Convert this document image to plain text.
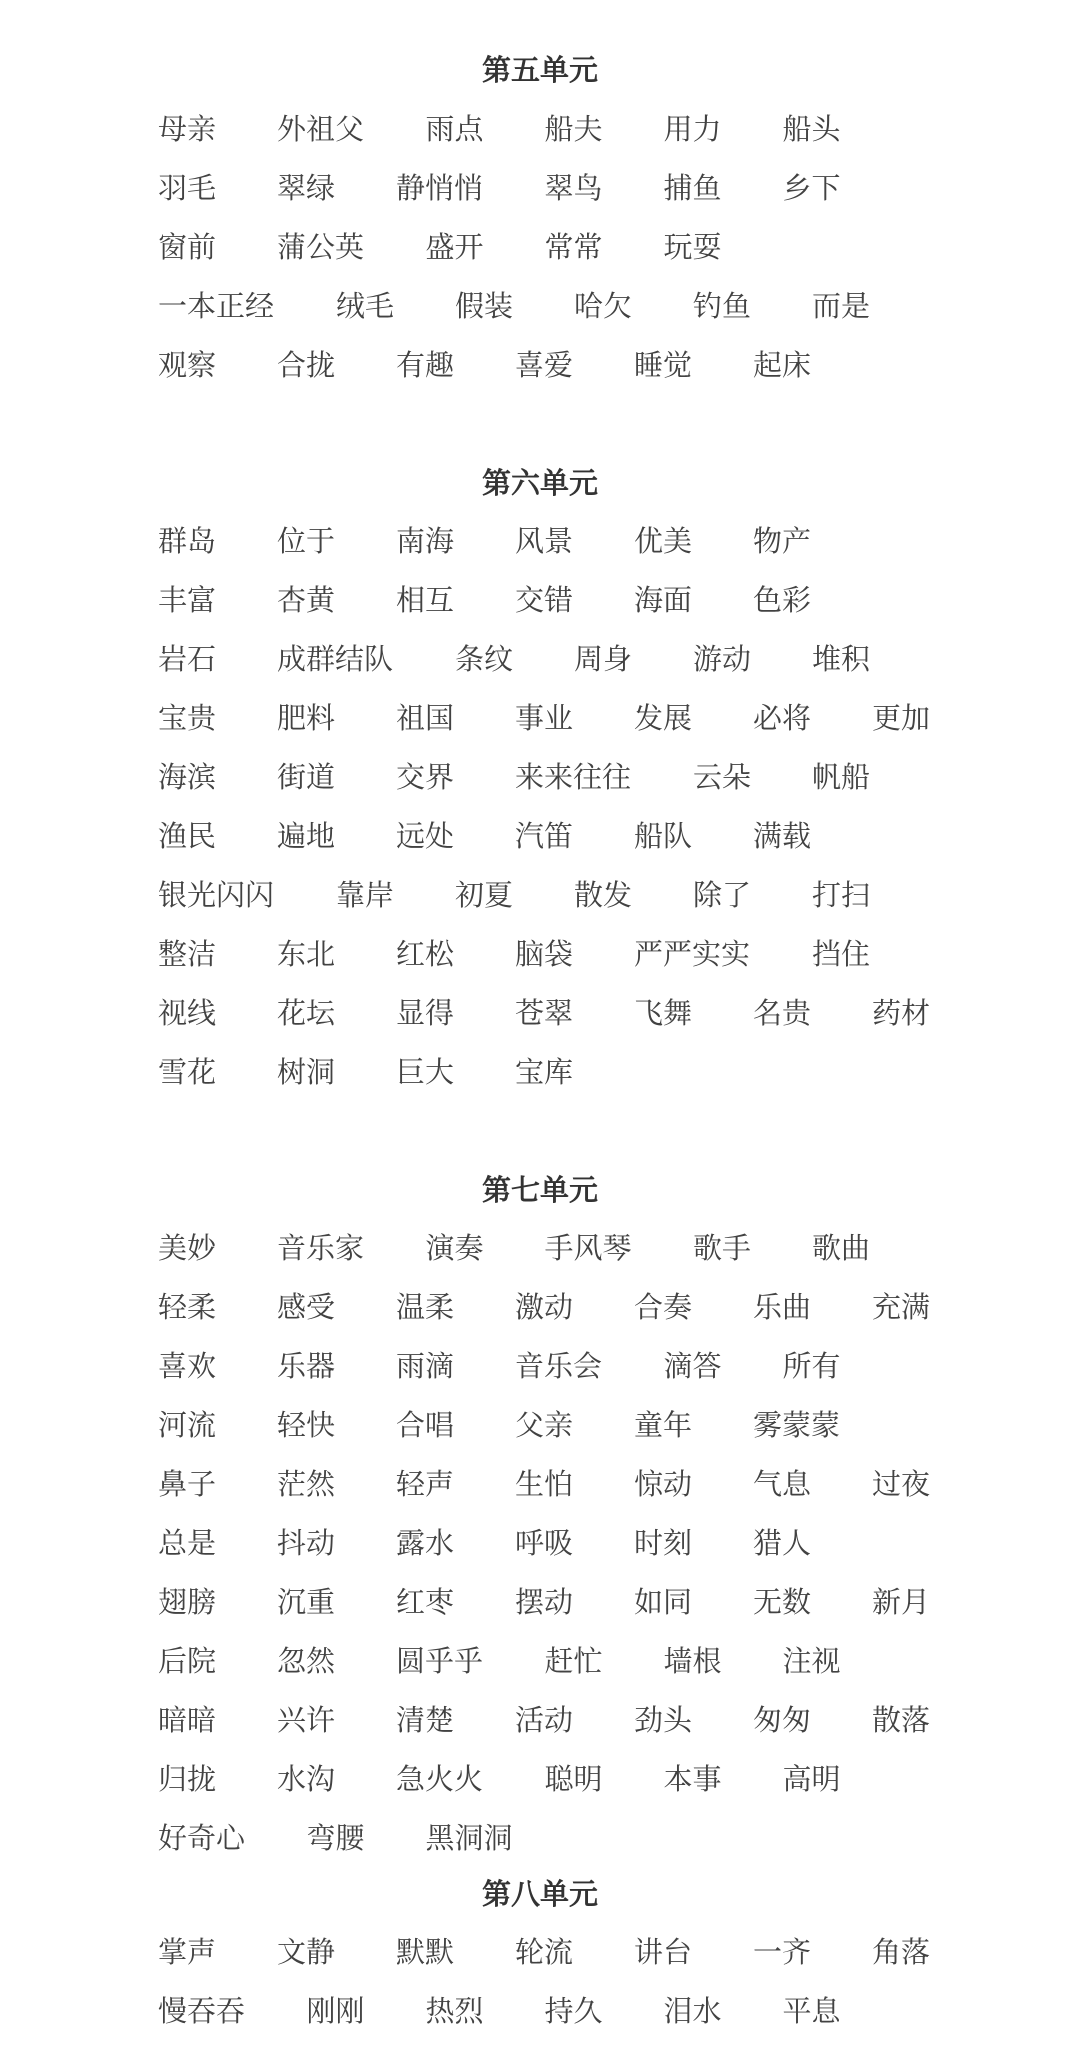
第五单元
母亲 外祖父 雨点 船夫 用力 船头
羽毛 翠绿 静悄悄 翠鸟 捕鱼 乡下
窗前 蒲公英 盛开 常常 玩耍
一本正经 绒毛 假装 哈欠 钓鱼 而是
观察 合拢 有趣 喜爱 睡觉 起床
第六单元
群岛 位于 南海 风景 优美 物产
丰富 杏黄 相互 交错 海面 色彩
岩石 成群结队 条纹 周身 游动 堆积
宝贵 肥料 祖国 事业 发展 必将 更加
海滨 街道 交界 来来往往 云朵 帆船
渔民 遍地 远处 汽笛 船队 满载
银光闪闪 靠岸 初夏 散发 除了 打扫
整洁 东北 红松 脑袋 严严实实 挡住
视线 花坛 显得 苍翠 飞舞 名贵 药材
雪花 树洞 巨大 宝库
第七单元
美妙 音乐家 演奏 手风琴 歌手 歌曲
轻柔 感受 温柔 激动 合奏 乐曲 充满
喜欢 乐器 雨滴 音乐会 滴答 所有
河流 轻快 合唱 父亲 童年 雾蒙蒙
鼻子 茫然 轻声 生怕 惊动 气息 过夜
总是 抖动 露水 呼吸 时刻 猎人
翅膀 沉重 红枣 摆动 如同 无数 新月
后院 忽然 圆乎乎 赶忙 墙根 注视
暗暗 兴许 清楚 活动 劲头 匆匆 散落
归拢 水沟 急火火 聪明 本事 高明
好奇心 弯腰 黑洞洞
第八单元
掌声 文静 默默 轮流 讲台 一齐 角落
慢吞吞 刚刚 热烈 持久 泪水 平息
